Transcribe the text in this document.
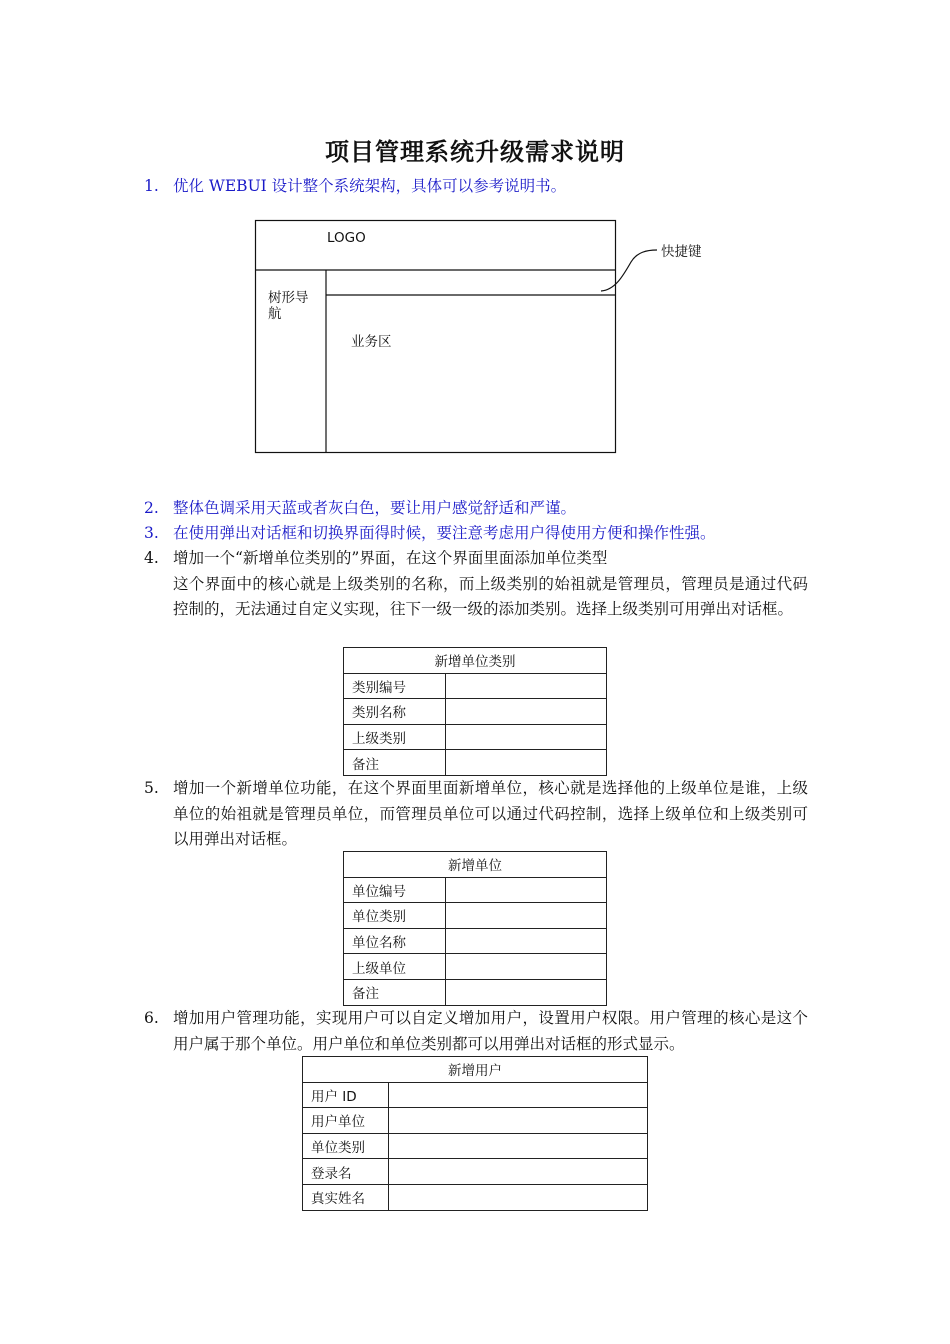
项目管理系统升级需求说明
1. 优化 WEBUI 设计整个系统架构，具体可以参考说明书。
LOGO
快捷键
树形导航
业务区
2. 整体色调采用天蓝或者灰白色，要让用户感觉舒适和严谨。
3. 在使用弹出对话框和切换界面得时候，要注意考虑用户得使用方便和操作性强。
4. 增加一个“新增单位类别的”界面，在这个界面里面添加单位类型
这个界面中的核心就是上级类别的名称，而上级类别的始祖就是管理员，管理员是通过代码控制的，无法通过自定义实现，往下一级一级的添加类别。选择上级类别可用弹出对话框。
新增单位类别	
类别编号	
类别名称	
上级类别	
备注	
5. 增加一个新增单位功能，在这个界面里面新增单位，核心就是选择他的上级单位是谁，上级单位的始祖就是管理员单位，而管理员单位可以通过代码控制，选择上级单位和上级类别可以用弹出对话框。
新增单位	
单位编号	
单位类别	
单位名称	
上级单位	
备注	
6. 增加用户管理功能，实现用户可以自定义增加用户，设置用户权限。用户管理的核心是这个用户属于那个单位。用户单位和单位类别都可以用弹出对话框的形式显示。
新增用户	
用户 ID	
用户单位	
单位类别	
登录名	
真实姓名	
